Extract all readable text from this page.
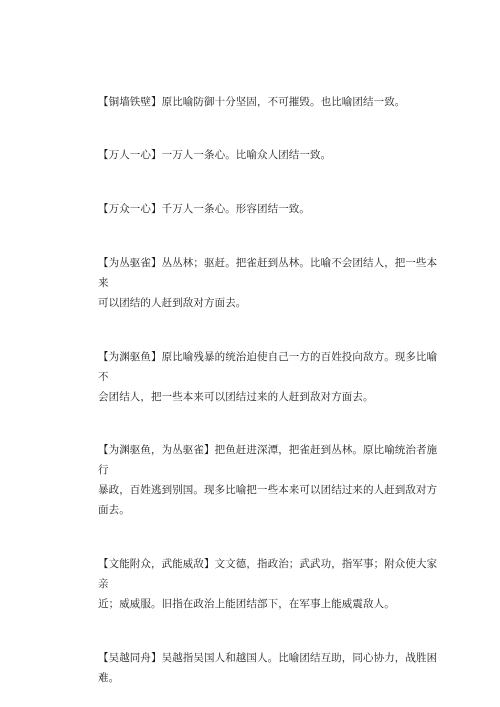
【铜墙铁壁】原比喻防御十分坚固，不可摧毁。也比喻团结一致。

【万人一心】一万人一条心。比喻众人团结一致。

【万众一心】千万人一条心。形容团结一致。

【为丛驱雀】丛丛林；驱赶。把雀赶到丛林。比喻不会团结人，把一些本来
可以团结的人赶到敌对方面去。

【为渊驱鱼】原比喻残暴的统治迫使自己一方的百姓投向敌方。现多比喻不
会团结人，把一些本来可以团结过来的人赶到敌对方面去。

【为渊驱鱼，为丛驱雀】把鱼赶进深潭，把雀赶到丛林。原比喻统治者施行
暴政，百姓逃到别国。现多比喻把一些本来可以团结过来的人赶到敌对方面去。

【文能附众，武能威敌】文文德，指政治；武武功，指军事；附众使大家亲
近；威威服。旧指在政治上能团结部下，在军事上能威震敌人。

【吴越同舟】吴越指吴国人和越国人。比喻团结互助，同心协力，战胜困难。
